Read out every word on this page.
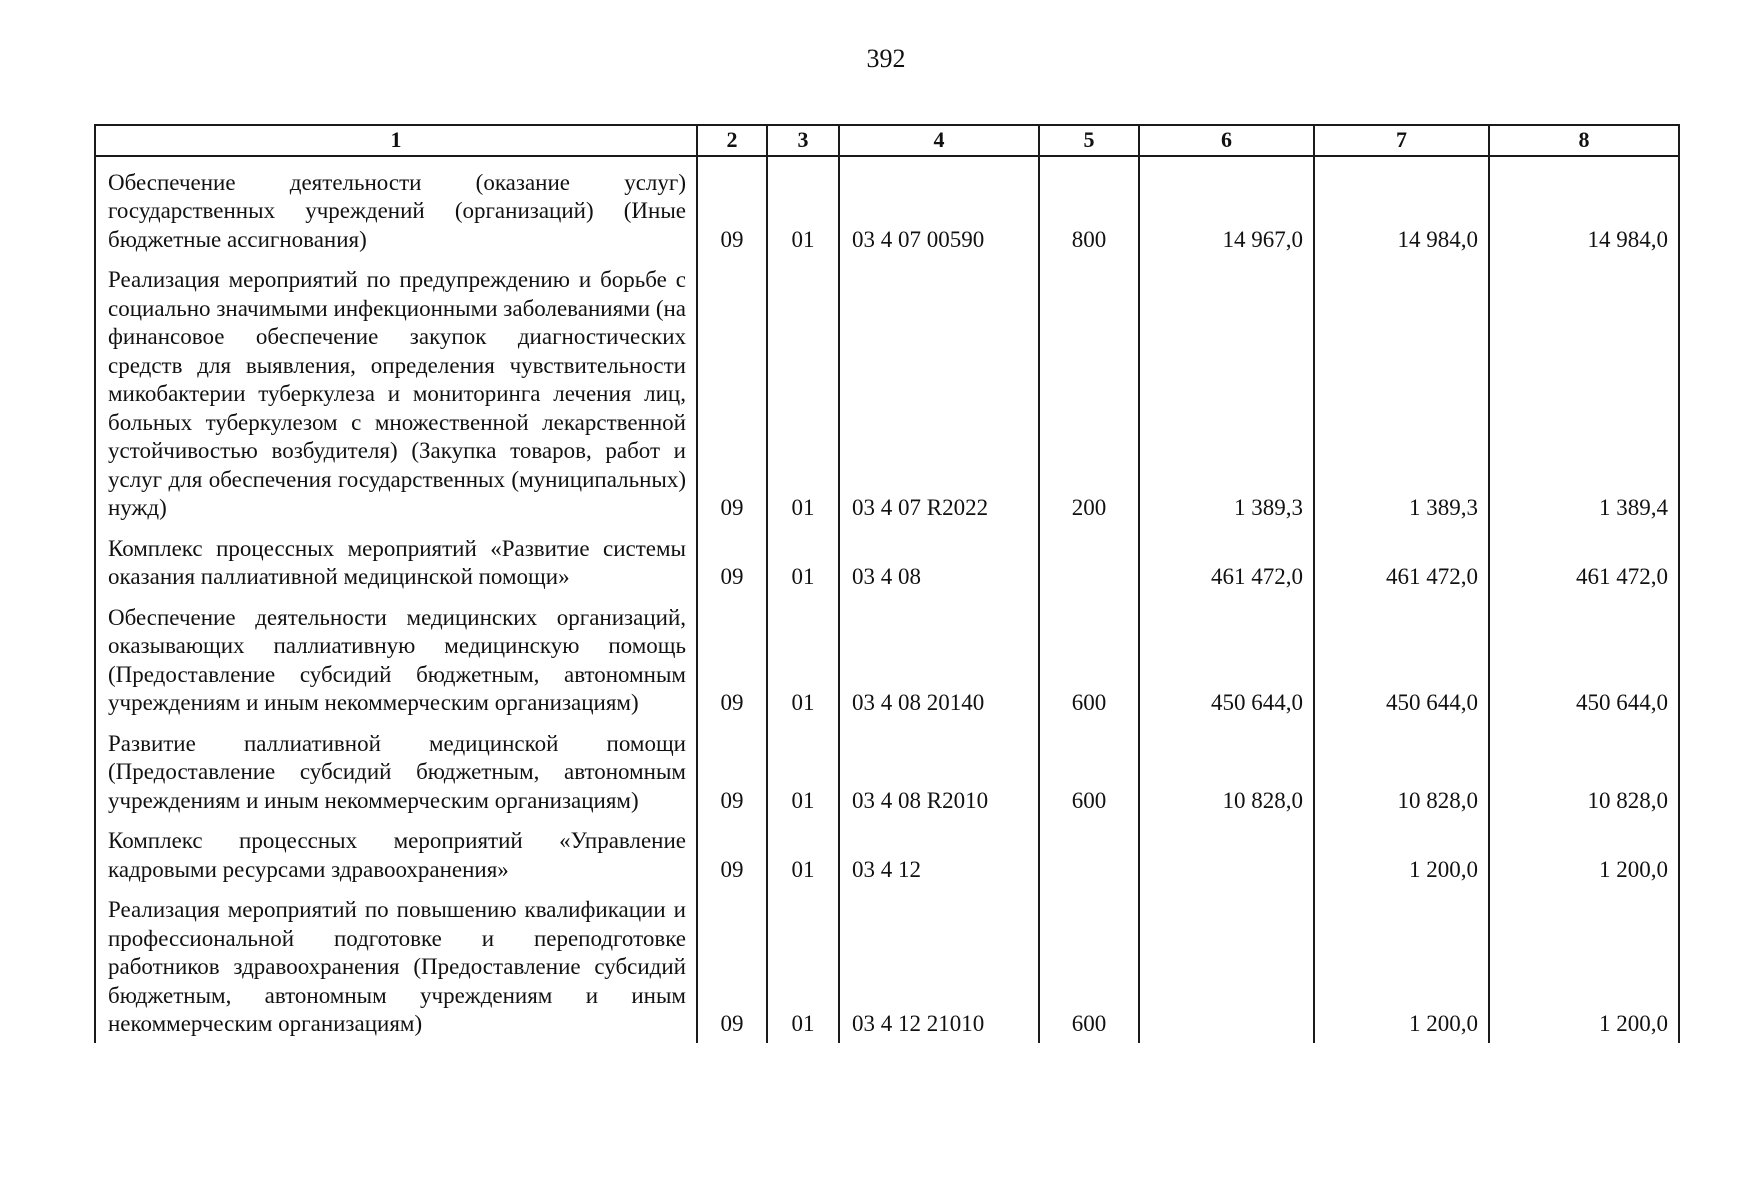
392
1	2	3	4	5	6	7	8
Обеспечение деятельности (оказание услуг) государственных учреждений (организаций) (Иные бюджетные ассигнования)	09	01	03 4 07 00590	800	14 967,0	14 984,0	14 984,0
Реализация мероприятий по предупреждению и борьбе с социально значимыми инфекционными заболеваниями (на финансовое обеспечение закупок диагностических средств для выявления, определения чувствительности микобактерии туберкулеза и мониторинга лечения лиц, больных туберкулезом с множественной лекарственной устойчивостью возбудителя) (Закупка товаров, работ и услуг для обеспечения государственных (муниципальных) нужд)	09	01	03 4 07 R2022	200	1 389,3	1 389,3	1 389,4
Комплекс процессных мероприятий «Развитие системы оказания паллиативной медицинской помощи»	09	01	03 4 08		461 472,0	461 472,0	461 472,0
Обеспечение деятельности медицинских организаций, оказывающих паллиативную медицинскую помощь (Предоставление субсидий бюджетным, автономным учреждениям и иным некоммерческим организациям)	09	01	03 4 08 20140	600	450 644,0	450 644,0	450 644,0
Развитие паллиативной медицинской помощи (Предоставление субсидий бюджетным, автономным учреждениям и иным некоммерческим организациям)	09	01	03 4 08 R2010	600	10 828,0	10 828,0	10 828,0
Комплекс процессных мероприятий «Управление кадровыми ресурсами здравоохранения»	09	01	03 4 12			1 200,0	1 200,0
Реализация мероприятий по повышению квалификации и профессиональной подготовке и переподготовке работников здравоохранения (Предоставление субсидий бюджетным, автономным учреждениям и иным некоммерческим организациям)	09	01	03 4 12 21010	600		1 200,0	1 200,0
